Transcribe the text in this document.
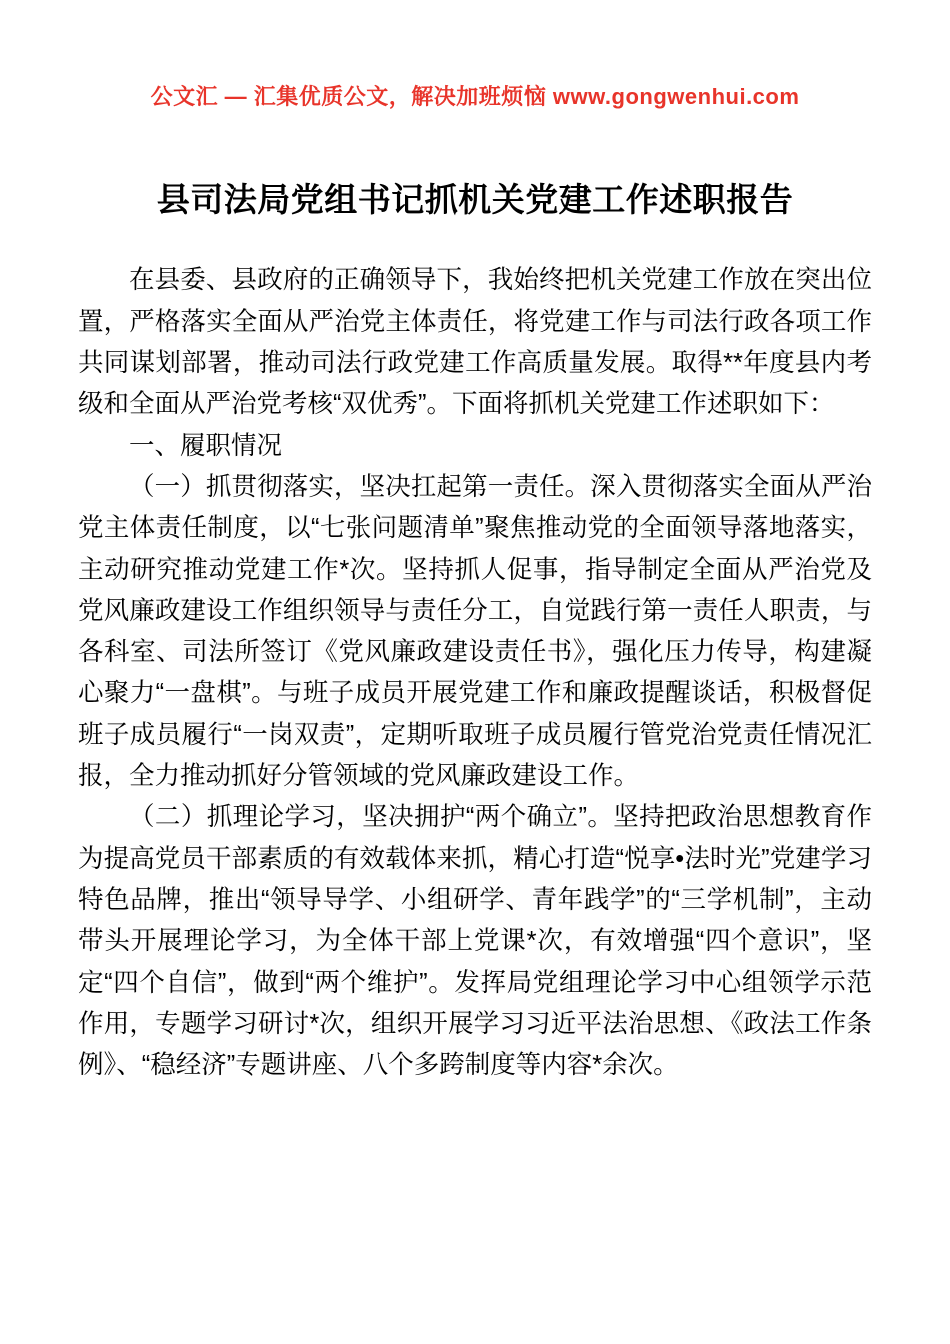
公文汇 — 汇集优质公文，解决加班烦恼 www.gongwenhui.com
县司法局党组书记抓机关党建工作述职报告

在县委、县政府的正确领导下，我始终把机关党建工作放在突出位置，严格落实全面从严治党主体责任，将党建工作与司法行政各项工作共同谋划部署，推动司法行政党建工作高质量发展。取得**年度县内考级和全面从严治党考核“双优秀”。下面将抓机关党建工作述职如下：

一、履职情况

（一）抓贯彻落实，坚决扛起第一责任。深入贯彻落实全面从严治党主体责任制度，以“七张问题清单”聚焦推动党的全面领导落地落实，主动研究推动党建工作*次。坚持抓人促事，指导制定全面从严治党及党风廉政建设工作组织领导与责任分工，自觉践行第一责任人职责，与各科室、司法所签订《党风廉政建设责任书》，强化压力传导，构建凝心聚力“一盘棋”。与班子成员开展党建工作和廉政提醒谈话，积极督促班子成员履行“一岗双责”，定期听取班子成员履行管党治党责任情况汇报，全力推动抓好分管领域的党风廉政建设工作。

（二）抓理论学习，坚决拥护“两个确立”。坚持把政治思想教育作为提高党员干部素质的有效载体来抓，精心打造“悦享•法时光”党建学习特色品牌，推出“领导导学、小组研学、青年践学”的“三学机制”，主动带头开展理论学习，为全体干部上党课*次，有效增强“四个意识”，坚定“四个自信”，做到“两个维护”。发挥局党组理论学习中心组领学示范作用，专题学习研讨*次，组织开展学习习近平法治思想、《政法工作条例》、“稳经济”专题讲座、八个多跨制度等内容*余次。
